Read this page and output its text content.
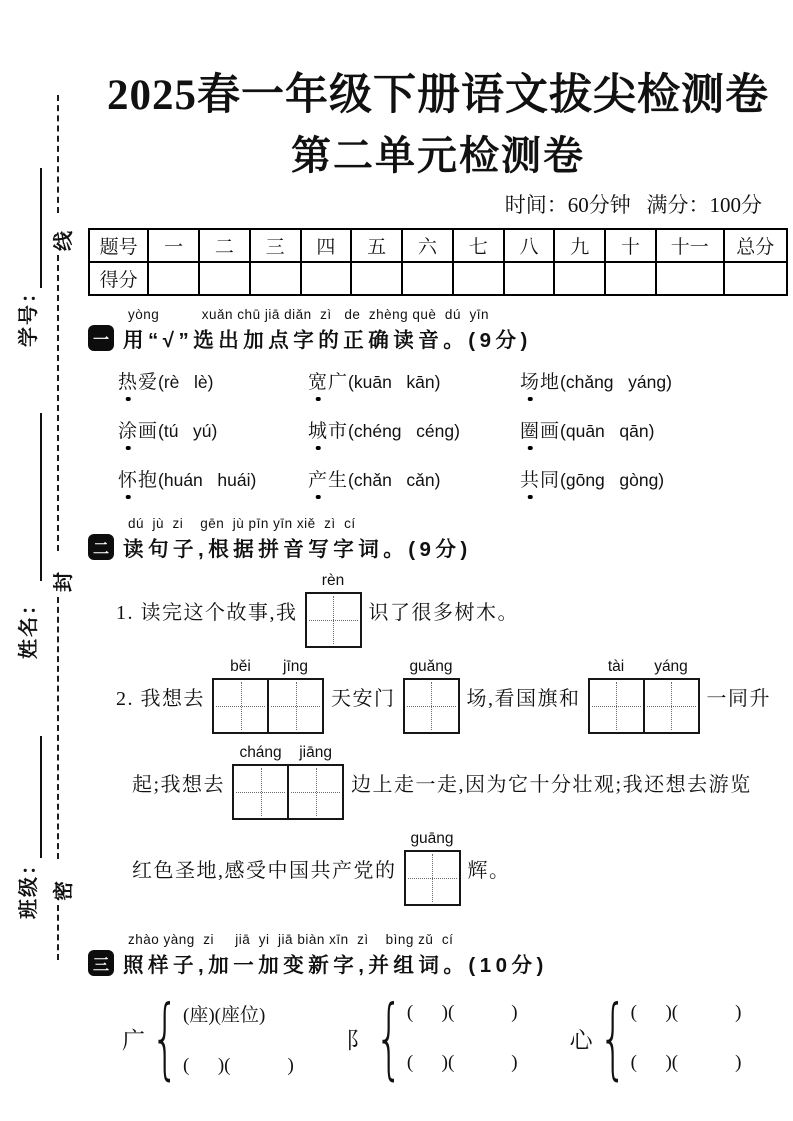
线
封
密
学号：
姓名：
班级：
2025春一年级下册语文拔尖检测卷
第二单元检测卷
时间：60分钟   满分：100分
题号	一	二	三	四	五	六	七	八	九	十	十一	总分
得分												
yòng          xuǎn chū jiā diǎn  zì   de  zhèng què  dú  yīn
一 用“√”选出加点字的正确读音。(9分)
热爱(rè   lè)	宽广(kuān   kān)	场地(chǎng   yáng)
涂画(tú   yú)	城市(chéng   céng)	圈画(quān   qān)
怀抱(huán   huái)	产生(chǎn   cǎn)	共同(gōng   gòng)
dú  jù  zi    gēn  jù pīn yīn xiě  zì  cí
二 读句子,根据拼音写字词。(9分)
1. 读完这个故事,我
rèn
识了很多树木。
2. 我想去
běi	jīng
天安门
guǎng
场,看国旗和
tài	yáng
一同升
起;我想去
cháng	jiāng
边上走一走,因为它十分壮观;我还想去游览
红色圣地,感受中国共产党的
guāng
辉。
zhào yàng  zi     jiā  yi  jiā biàn xīn  zì    bìng zǔ  cí
三 照样子,加一加变新字,并组词。(10分)
广 { (座)(座位)
(      )(            )
阝 { (      )(            )
(      )(            )
心 { (      )(            )
(      )(            )
